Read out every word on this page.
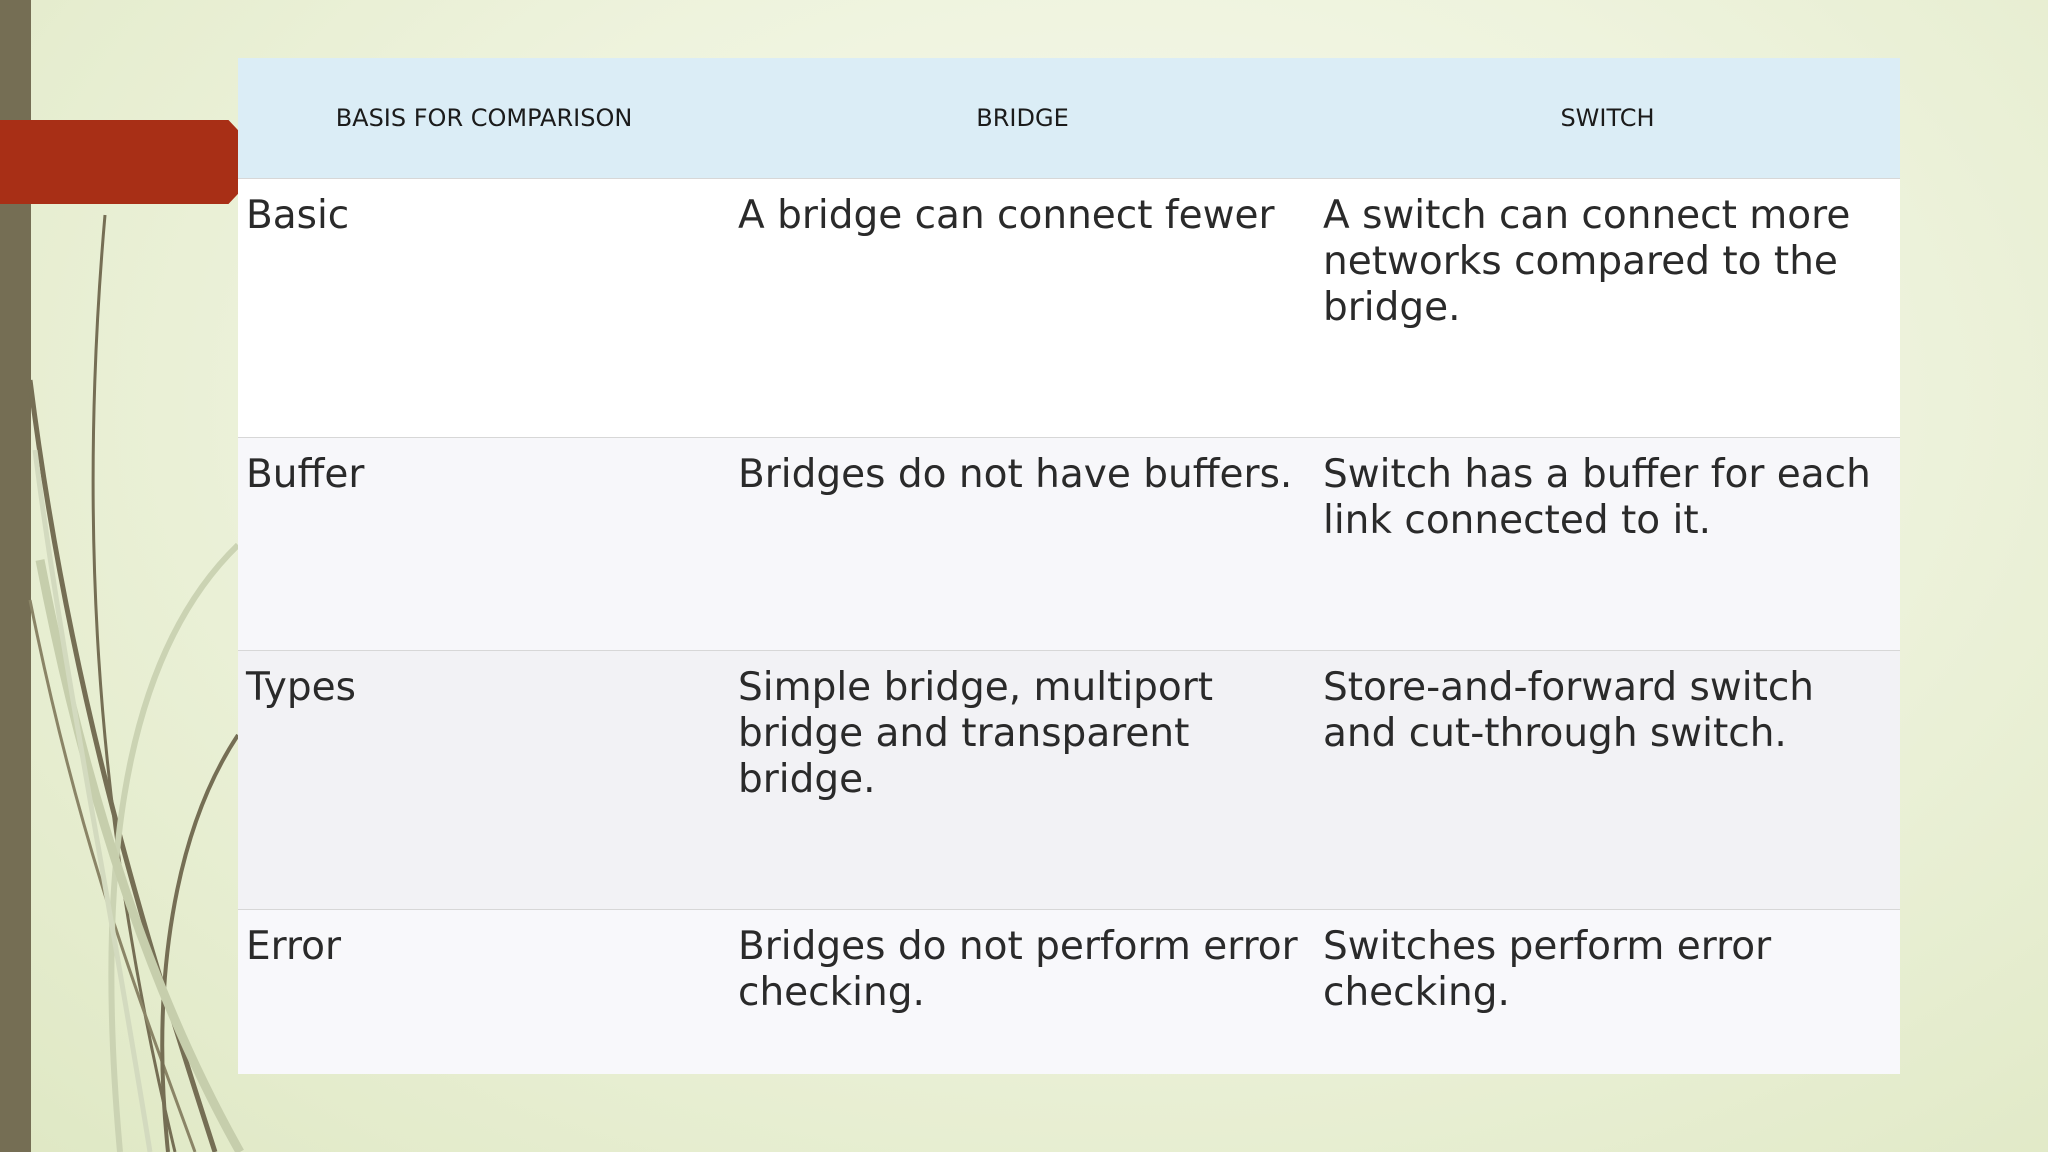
BASIS FOR COMPARISON	BRIDGE	SWITCH
Basic	A bridge can connect fewer	A switch can connect more networks compared to the bridge.
Buffer	Bridges do not have buffers.	Switch has a buffer for each link connected to it.
Types	Simple bridge, multiport bridge and transparent bridge.	Store-and-forward switch and cut-through switch.
Error	Bridges do not perform error checking.	Switches perform error checking.
